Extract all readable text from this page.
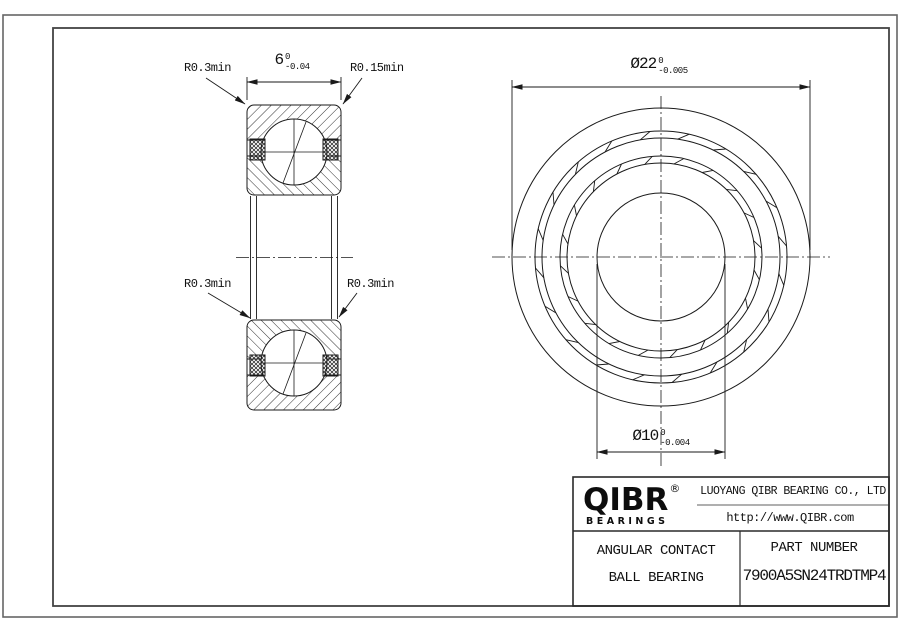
R0.3min	R0.15min
R0.3min	R0.3min
6 0
-0.04	Ø22 0
-0.005
Ø10 0
-0.004
QIBR®
BEARINGS
LUOYANG QIBR BEARING CO., LTD
http://www.QIBR.com
ANGULAR CONTACT
BALL BEARING
PART NUMBER
7900A5SN24TRDTMP4
